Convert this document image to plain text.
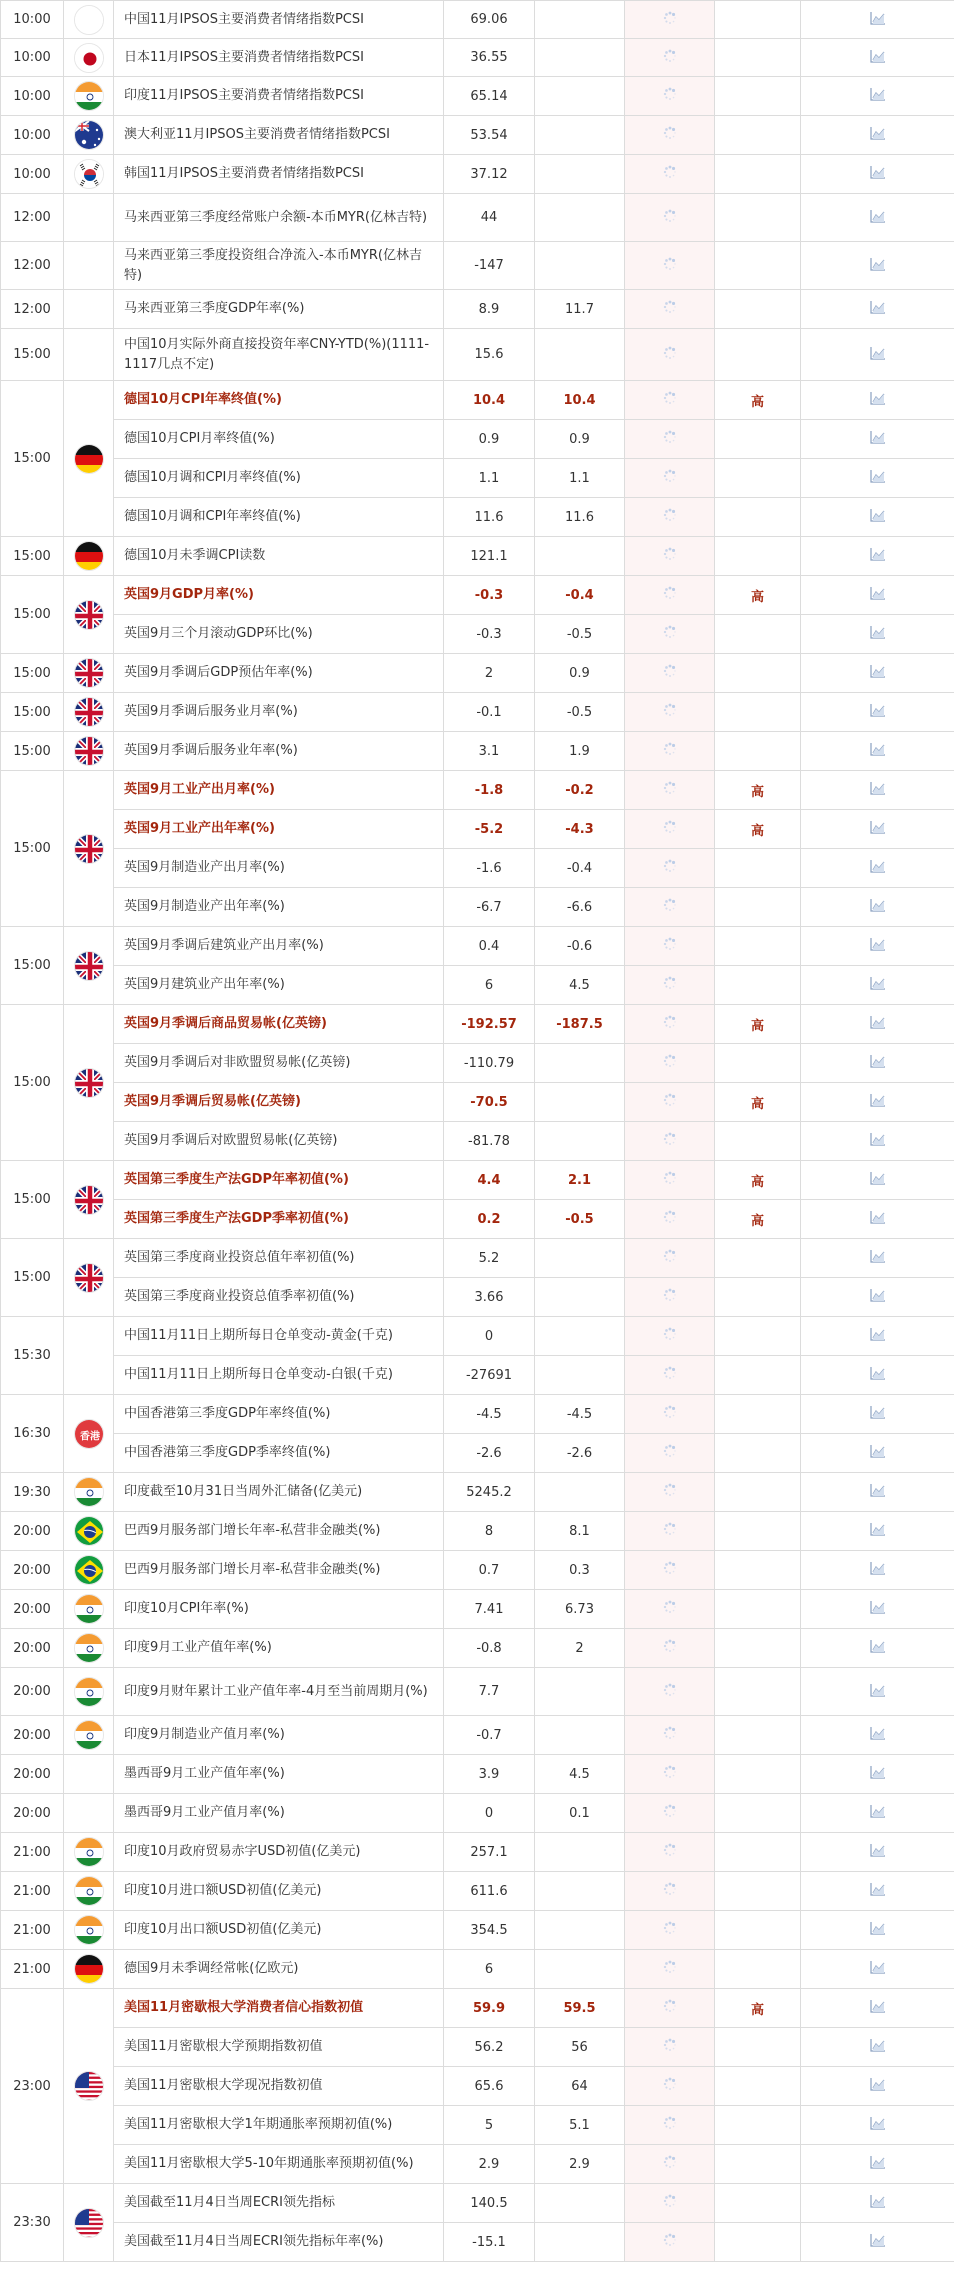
10:00		中国11月IPSOS主要消费者情绪指数PCSI	69.06				
10:00		日本11月IPSOS主要消费者情绪指数PCSI	36.55				
10:00		印度11月IPSOS主要消费者情绪指数PCSI	65.14				
10:00		澳大利亚11月IPSOS主要消费者情绪指数PCSI	53.54				
10:00		韩国11月IPSOS主要消费者情绪指数PCSI	37.12				
12:00		马来西亚第三季度经常账户余额-本币MYR(亿林吉特)	44				
12:00		马来西亚第三季度投资组合净流入-本币MYR(亿林吉特)	-147				
12:00		马来西亚第三季度GDP年率(%)	8.9	11.7			
15:00		中国10月实际外商直接投资年率CNY-YTD(%)(1111-1117几点不定)	15.6				
15:00		德国10月CPI年率终值(%)	10.4	10.4		高	
		德国10月CPI月率终值(%)	0.9	0.9			
		德国10月调和CPI月率终值(%)	1.1	1.1			
		德国10月调和CPI年率终值(%)	11.6	11.6			
15:00		德国10月未季调CPI读数	121.1				
15:00		英国9月GDP月率(%)	-0.3	-0.4		高	
		英国9月三个月滚动GDP环比(%)	-0.3	-0.5			
15:00		英国9月季调后GDP预估年率(%)	2	0.9			
15:00		英国9月季调后服务业月率(%)	-0.1	-0.5			
15:00		英国9月季调后服务业年率(%)	3.1	1.9			
15:00		英国9月工业产出月率(%)	-1.8	-0.2		高	
		英国9月工业产出年率(%)	-5.2	-4.3		高	
		英国9月制造业产出月率(%)	-1.6	-0.4			
		英国9月制造业产出年率(%)	-6.7	-6.6			
15:00		英国9月季调后建筑业产出月率(%)	0.4	-0.6			
		英国9月建筑业产出年率(%)	6	4.5			
15:00		英国9月季调后商品贸易帐(亿英镑)	-192.57	-187.5		高	
		英国9月季调后对非欧盟贸易帐(亿英镑)	-110.79				
		英国9月季调后贸易帐(亿英镑)	-70.5			高	
		英国9月季调后对欧盟贸易帐(亿英镑)	-81.78				
15:00		英国第三季度生产法GDP年率初值(%)	4.4	2.1		高	
		英国第三季度生产法GDP季率初值(%)	0.2	-0.5		高	
15:00		英国第三季度商业投资总值年率初值(%)	5.2				
		英国第三季度商业投资总值季率初值(%)	3.66				
15:30		中国11月11日上期所每日仓单变动-黄金(千克)	0				
		中国11月11日上期所每日仓单变动-白银(千克)	-27691				
16:30	香港	中国香港第三季度GDP年率终值(%)	-4.5	-4.5			
		中国香港第三季度GDP季率终值(%)	-2.6	-2.6			
19:30		印度截至10月31日当周外汇储备(亿美元)	5245.2				
20:00		巴西9月服务部门增长年率-私营非金融类(%)	8	8.1			
20:00		巴西9月服务部门增长月率-私营非金融类(%)	0.7	0.3			
20:00		印度10月CPI年率(%)	7.41	6.73			
20:00		印度9月工业产值年率(%)	-0.8	2			
20:00		印度9月财年累计工业产值年率-4月至当前周期月(%)	7.7				
20:00		印度9月制造业产值月率(%)	-0.7				
20:00		墨西哥9月工业产值年率(%)	3.9	4.5			
20:00		墨西哥9月工业产值月率(%)	0	0.1			
21:00		印度10月政府贸易赤字USD初值(亿美元)	257.1				
21:00		印度10月进口额USD初值(亿美元)	611.6				
21:00		印度10月出口额USD初值(亿美元)	354.5				
21:00		德国9月未季调经常帐(亿欧元)	6				
23:00		美国11月密歇根大学消费者信心指数初值	59.9	59.5		高	
		美国11月密歇根大学预期指数初值	56.2	56			
		美国11月密歇根大学现况指数初值	65.6	64			
		美国11月密歇根大学1年期通胀率预期初值(%)	5	5.1			
		美国11月密歇根大学5-10年期通胀率预期初值(%)	2.9	2.9			
23:30		美国截至11月4日当周ECRI领先指标	140.5				
		美国截至11月4日当周ECRI领先指标年率(%)	-15.1				
